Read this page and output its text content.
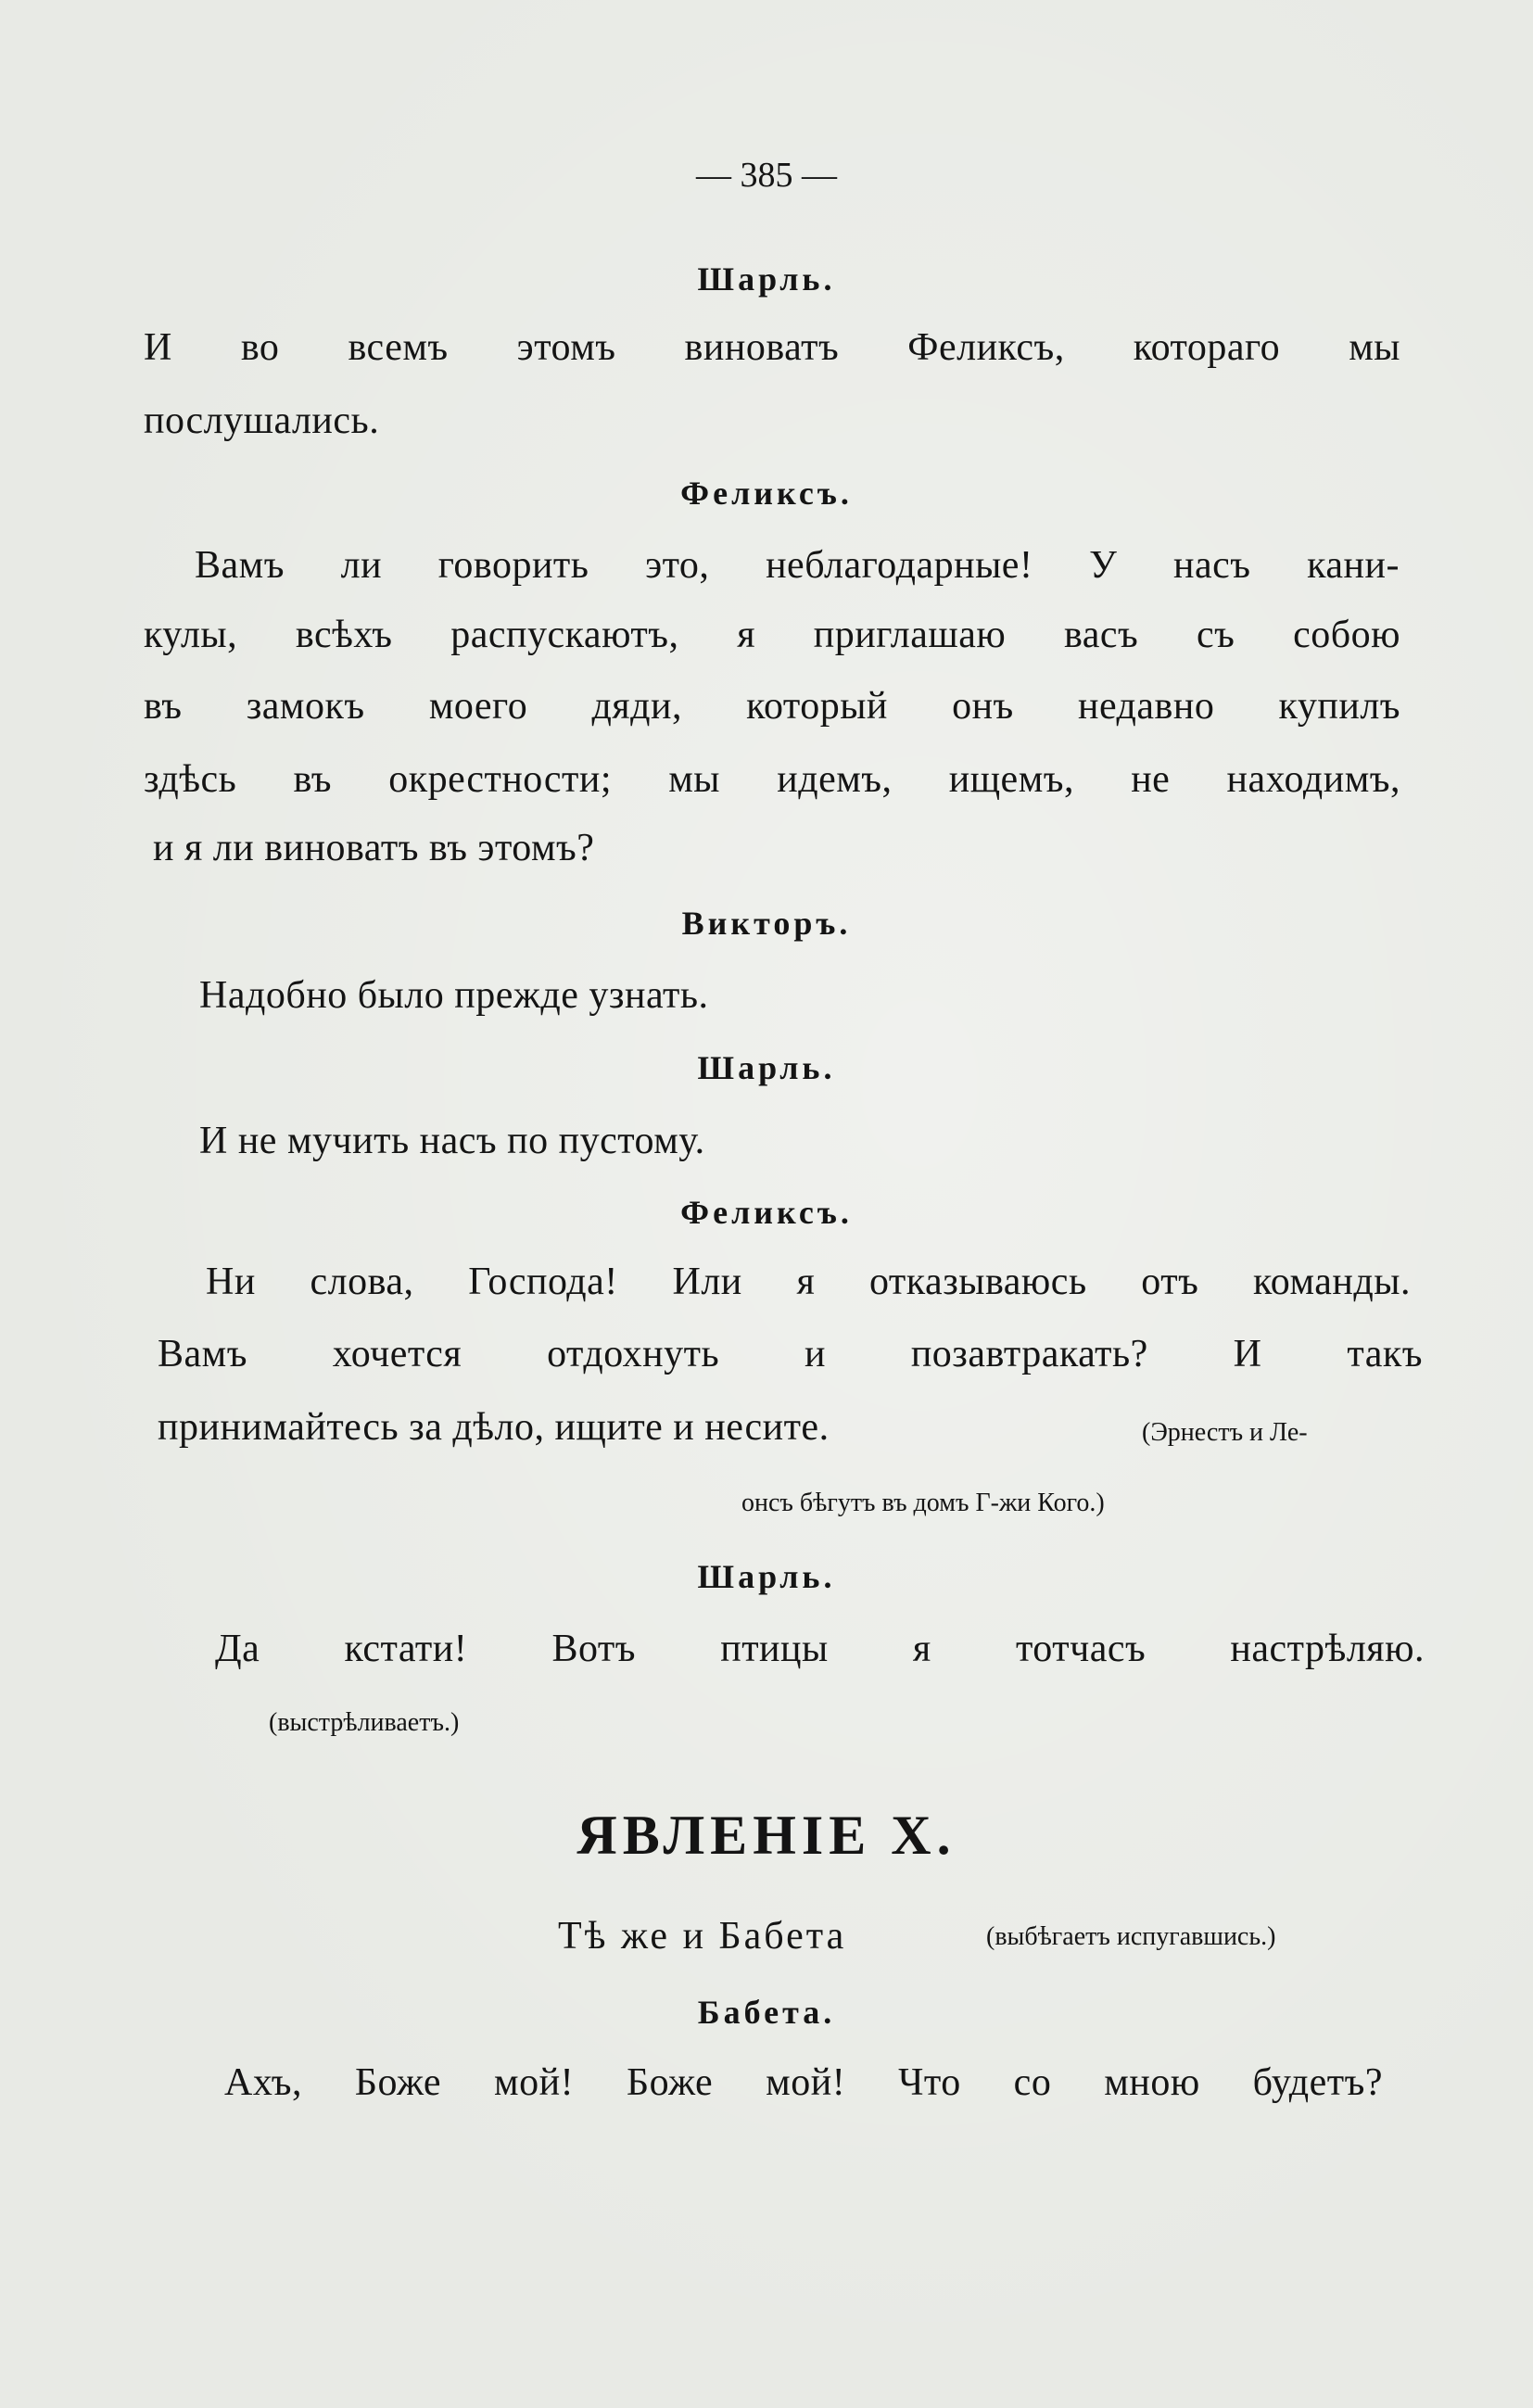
— 385 —
Шарль.
И во всемъ этомъ виноватъ Феликсъ, котораго мы
послушались.
Феликсъ.
Вамъ ли говорить это, неблагодарные! У насъ кани-
кулы, всѣхъ распускаютъ, я приглашаю васъ съ собою
въ замокъ моего дяди, который онъ недавно купилъ
здѣсь въ окрестности; мы идемъ, ищемъ, не находимъ,
и я ли виноватъ въ этомъ?
Викторъ.
Надобно было прежде узнать.
Шарль.
И не мучить насъ по пустому.
Феликсъ.
Ни слова, Господа! Или я отказываюсь отъ команды.
Вамъ хочется отдохнуть и позавтракать? И такъ
принимайтесь за дѣло, ищите и несите.	(Эрнестъ и Ле-
онсъ бѣгутъ въ домъ Г-жи Кого.)
Шарль.
Да кстати! Вотъ птицы я тотчасъ настрѣляю.
(выстрѣливаетъ.)
ЯВЛЕНІЕ X.
Тѣ же и Бабета	(выбѣгаетъ испугавшись.)
Бабета.
Ахъ, Боже мой! Боже мой! Что со мною будетъ?
